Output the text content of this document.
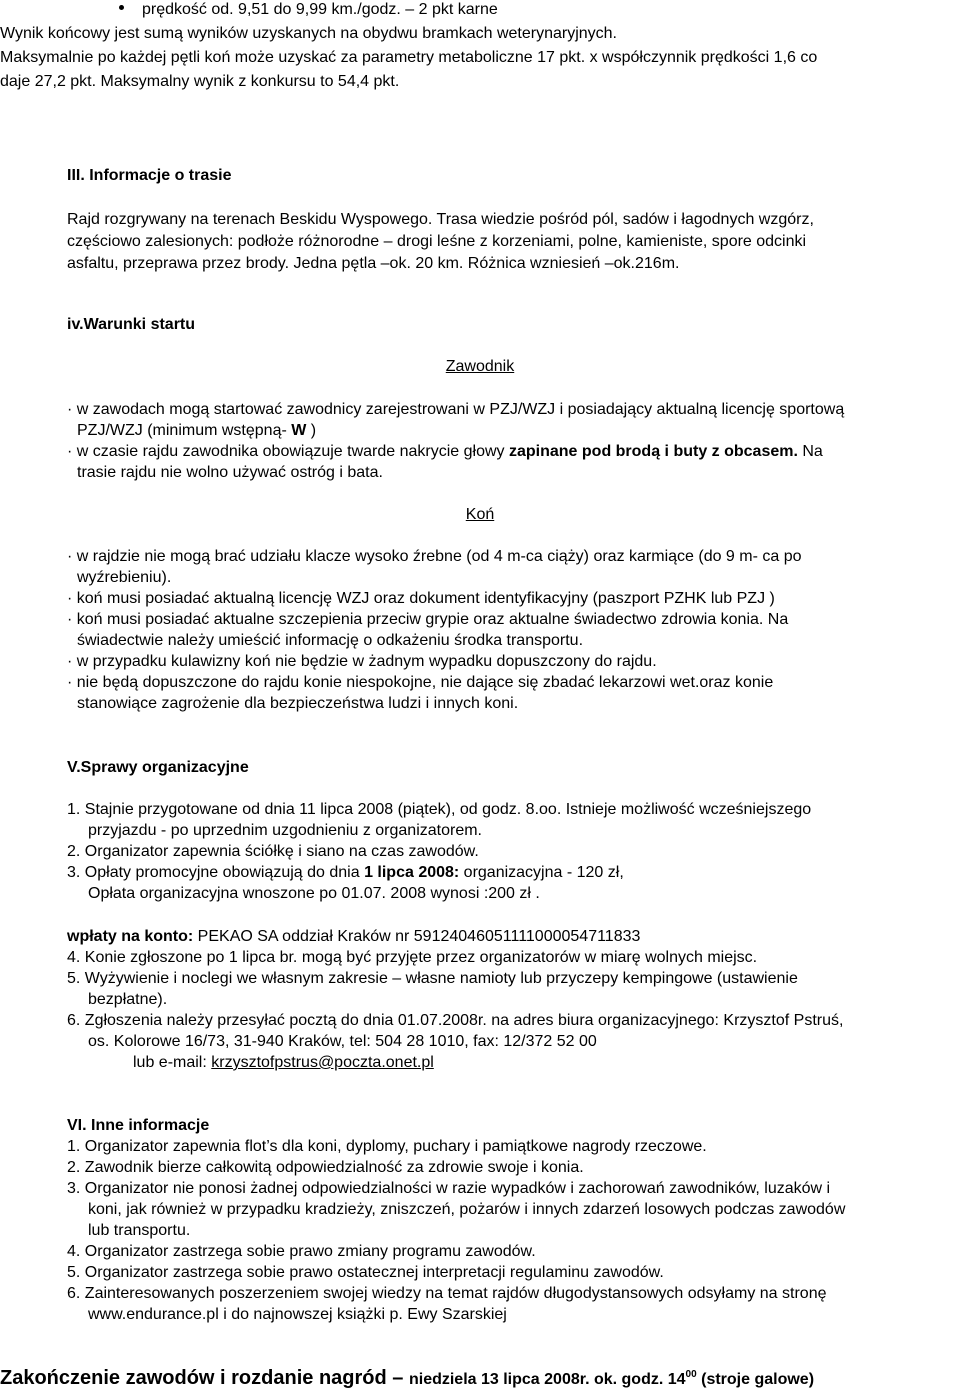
prędkość od. 9,51 do 9,99 km./godz. – 2 pkt karne
Wynik końcowy jest sumą wyników uzyskanych na obydwu bramkach weterynaryjnych.
Maksymalnie po każdej pętli koń może uzyskać za parametry metaboliczne 17 pkt. x współczynnik prędkości 1,6 co
daje 27,2 pkt. Maksymalny wynik z konkursu to 54,4 pkt.
III. Informacje o trasie
Rajd rozgrywany na terenach Beskidu Wyspowego. Trasa wiedzie pośród pól, sadów i łagodnych wzgórz,
częściowo zalesionych: podłoże różnorodne – drogi leśne z korzeniami, polne, kamieniste, spore odcinki
asfaltu, przeprawa przez brody. Jedna pętla –ok. 20 km. Różnica wzniesień –ok.216m.
iv.Warunki startu
Zawodnik
· w zawodach mogą startować zawodnicy zarejestrowani w PZJ/WZJ i posiadający aktualną licencję sportową
PZJ/WZJ (minimum wstępną- W )
· w czasie rajdu zawodnika obowiązuje twarde nakrycie głowy zapinane pod brodą i buty z obcasem. Na
trasie rajdu nie wolno używać ostróg i bata.
Koń
· w rajdzie nie mogą brać udziału klacze wysoko źrebne (od 4 m-ca ciąży) oraz karmiące (do 9 m- ca po
wyźrebieniu).
· koń musi posiadać aktualną licencję WZJ oraz dokument identyfikacyjny (paszport PZHK lub PZJ )
· koń musi posiadać aktualne szczepienia przeciw grypie oraz aktualne świadectwo zdrowia konia. Na
świadectwie należy umieścić informację o odkażeniu środka transportu.
· w przypadku kulawizny koń nie będzie w żadnym wypadku dopuszczony do rajdu.
· nie będą dopuszczone do rajdu konie niespokojne, nie dające się zbadać lekarzowi wet.oraz konie
stanowiące zagrożenie dla bezpieczeństwa ludzi i innych koni.
V.Sprawy organizacyjne
1. Stajnie przygotowane od dnia 11 lipca 2008 (piątek), od godz. 8.oo. Istnieje możliwość wcześniejszego
przyjazdu - po uprzednim uzgodnieniu z organizatorem.
2. Organizator zapewnia ściółkę i siano na czas zawodów.
3. Opłaty promocyjne obowiązują do dnia 1 lipca 2008: organizacyjna - 120 zł,
Opłata organizacyjna wnoszone po 01.07. 2008 wynosi :200 zł .
wpłaty na konto: PEKAO SA oddział Kraków nr 59124046051111000054711833
4. Konie zgłoszone po 1 lipca br. mogą być przyjęte przez organizatorów w miarę wolnych miejsc.
5. Wyżywienie i noclegi we własnym zakresie – własne namioty lub przyczepy kempingowe (ustawienie
bezpłatne).
6. Zgłoszenia należy przesyłać pocztą do dnia 01.07.2008r. na adres biura organizacyjnego: Krzysztof Pstruś,
os. Kolorowe 16/73, 31-940 Kraków, tel: 504 28 1010, fax: 12/372 52 00
lub e-mail: krzysztofpstrus@poczta.onet.pl
VI. Inne informacje
1. Organizator zapewnia flot’s dla koni, dyplomy, puchary i pamiątkowe nagrody rzeczowe.
2. Zawodnik bierze całkowitą odpowiedzialność za zdrowie swoje i konia.
3. Organizator nie ponosi żadnej odpowiedzialności w razie wypadków i zachorowań zawodników, luzaków i
koni, jak również w przypadku kradzieży, zniszczeń, pożarów i innych zdarzeń losowych podczas zawodów
lub transportu.
4. Organizator zastrzega sobie prawo zmiany programu zawodów.
5. Organizator zastrzega sobie prawo ostatecznej interpretacji regulaminu zawodów.
6. Zainteresowanych poszerzeniem swojej wiedzy na temat rajdów długodystansowych odsyłamy na stronę
www.endurance.pl i do najnowszej książki p. Ewy Szarskiej
Zakończenie zawodów i rozdanie nagród – niedziela 13 lipca 2008r. ok. godz. $14^{00}$ (stroje galowe)
